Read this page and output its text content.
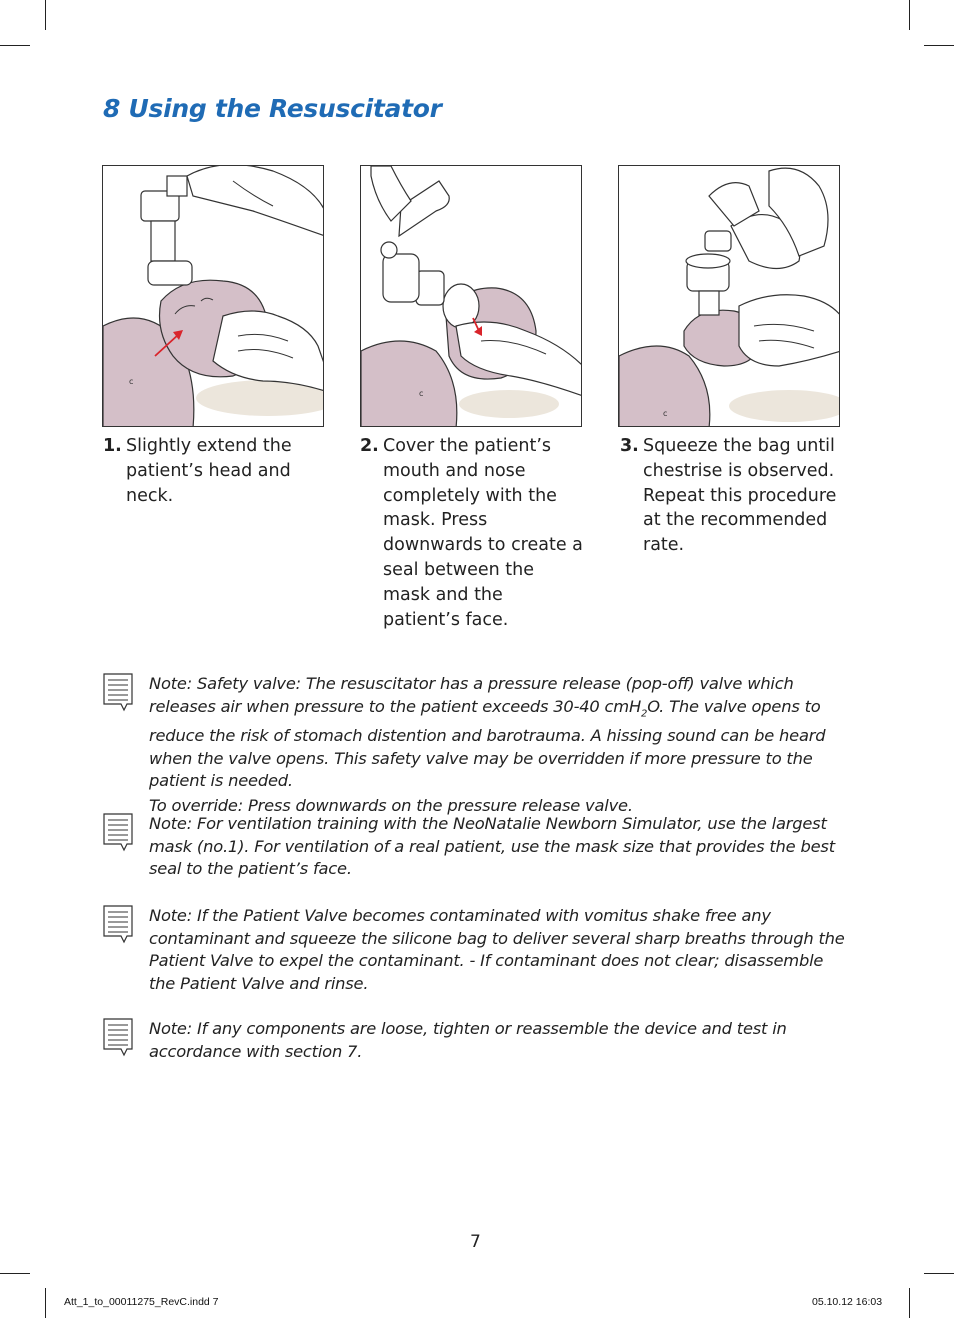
8 Using the Resuscitator
c
c
c
1. Slightly extend the patient’s head and neck.
2. Cover the patient’s mouth and nose completely with the mask. Press downwards to create a seal between the mask and the patient’s face.
3. Squeeze the bag until chestrise is observed. Repeat this procedure at the recommended rate.

Note: Safety valve: The resuscitator has a pressure release (pop-off) valve which releases air when pressure to the patient exceeds 30-40 cmH$_2$O. The valve opens to reduce the risk of stomach distention and barotrauma. A hissing sound can be heard when the valve opens. This safety valve may be overridden if more pressure to the patient is needed.

To override: Press downwards on the pressure release valve.

Note: For ventilation training with the NeoNatalie Newborn Simulator, use the largest mask (no.1). For ventilation of a real patient, use the mask size that provides the best seal to the patient’s face.

Note: If the Patient Valve becomes contaminated with vomitus shake free any contaminant and squeeze the silicone bag to deliver several sharp breaths through the Patient Valve to expel the contaminant. - If contaminant does not clear; disassemble the Patient Valve and rinse.

Note: If any components are loose, tighten or reassemble the device and test in accordance with section 7.

7
Att_1_to_00011275_RevC.indd 7	05.10.12 16:03
